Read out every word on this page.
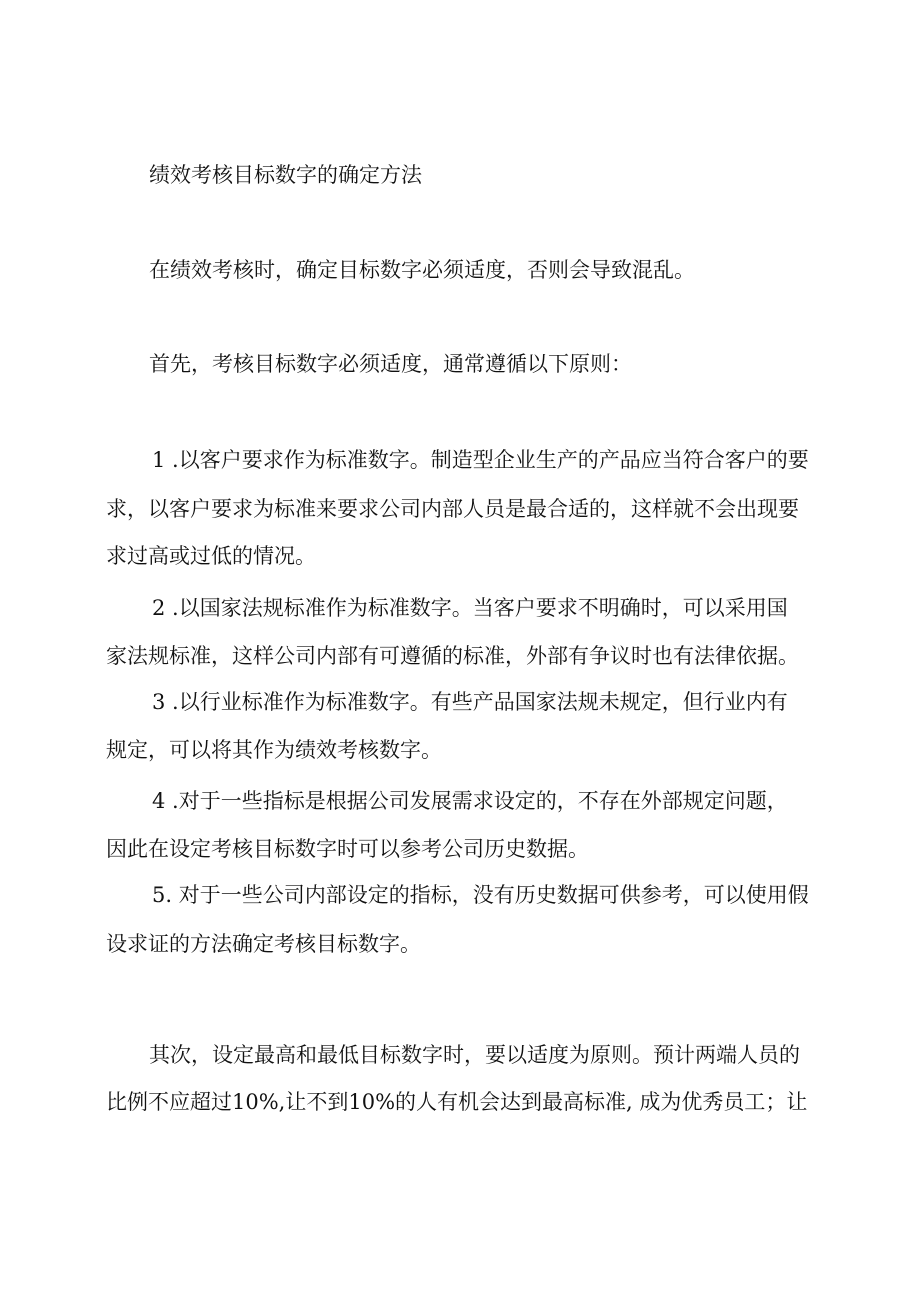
绩效考核目标数字的确定方法
在绩效考核时，确定目标数字必须适度，否则会导致混乱。
首先，考核目标数字必须适度，通常遵循以下原则：
1 .以客户要求作为标准数字。制造型企业生产的产品应当符合客户的要
求，以客户要求为标准来要求公司内部人员是最合适的，这样就不会出现要
求过高或过低的情况。
2 .以国家法规标准作为标准数字。当客户要求不明确时，可以采用国
家法规标准，这样公司内部有可遵循的标准，外部有争议时也有法律依据。
3 .以行业标准作为标准数字。有些产品国家法规未规定，但行业内有
规定，可以将其作为绩效考核数字。
4 .对于一些指标是根据公司发展需求设定的，不存在外部规定问题，
因此在设定考核目标数字时可以参考公司历史数据。
5. 对于一些公司内部设定的指标，没有历史数据可供参考，可以使用假
设求证的方法确定考核目标数字。
其次，设定最高和最低目标数字时，要以适度为原则。预计两端人员的
比例不应超过10%,让不到10%的人有机会达到最高标准, 成为优秀员工；让
